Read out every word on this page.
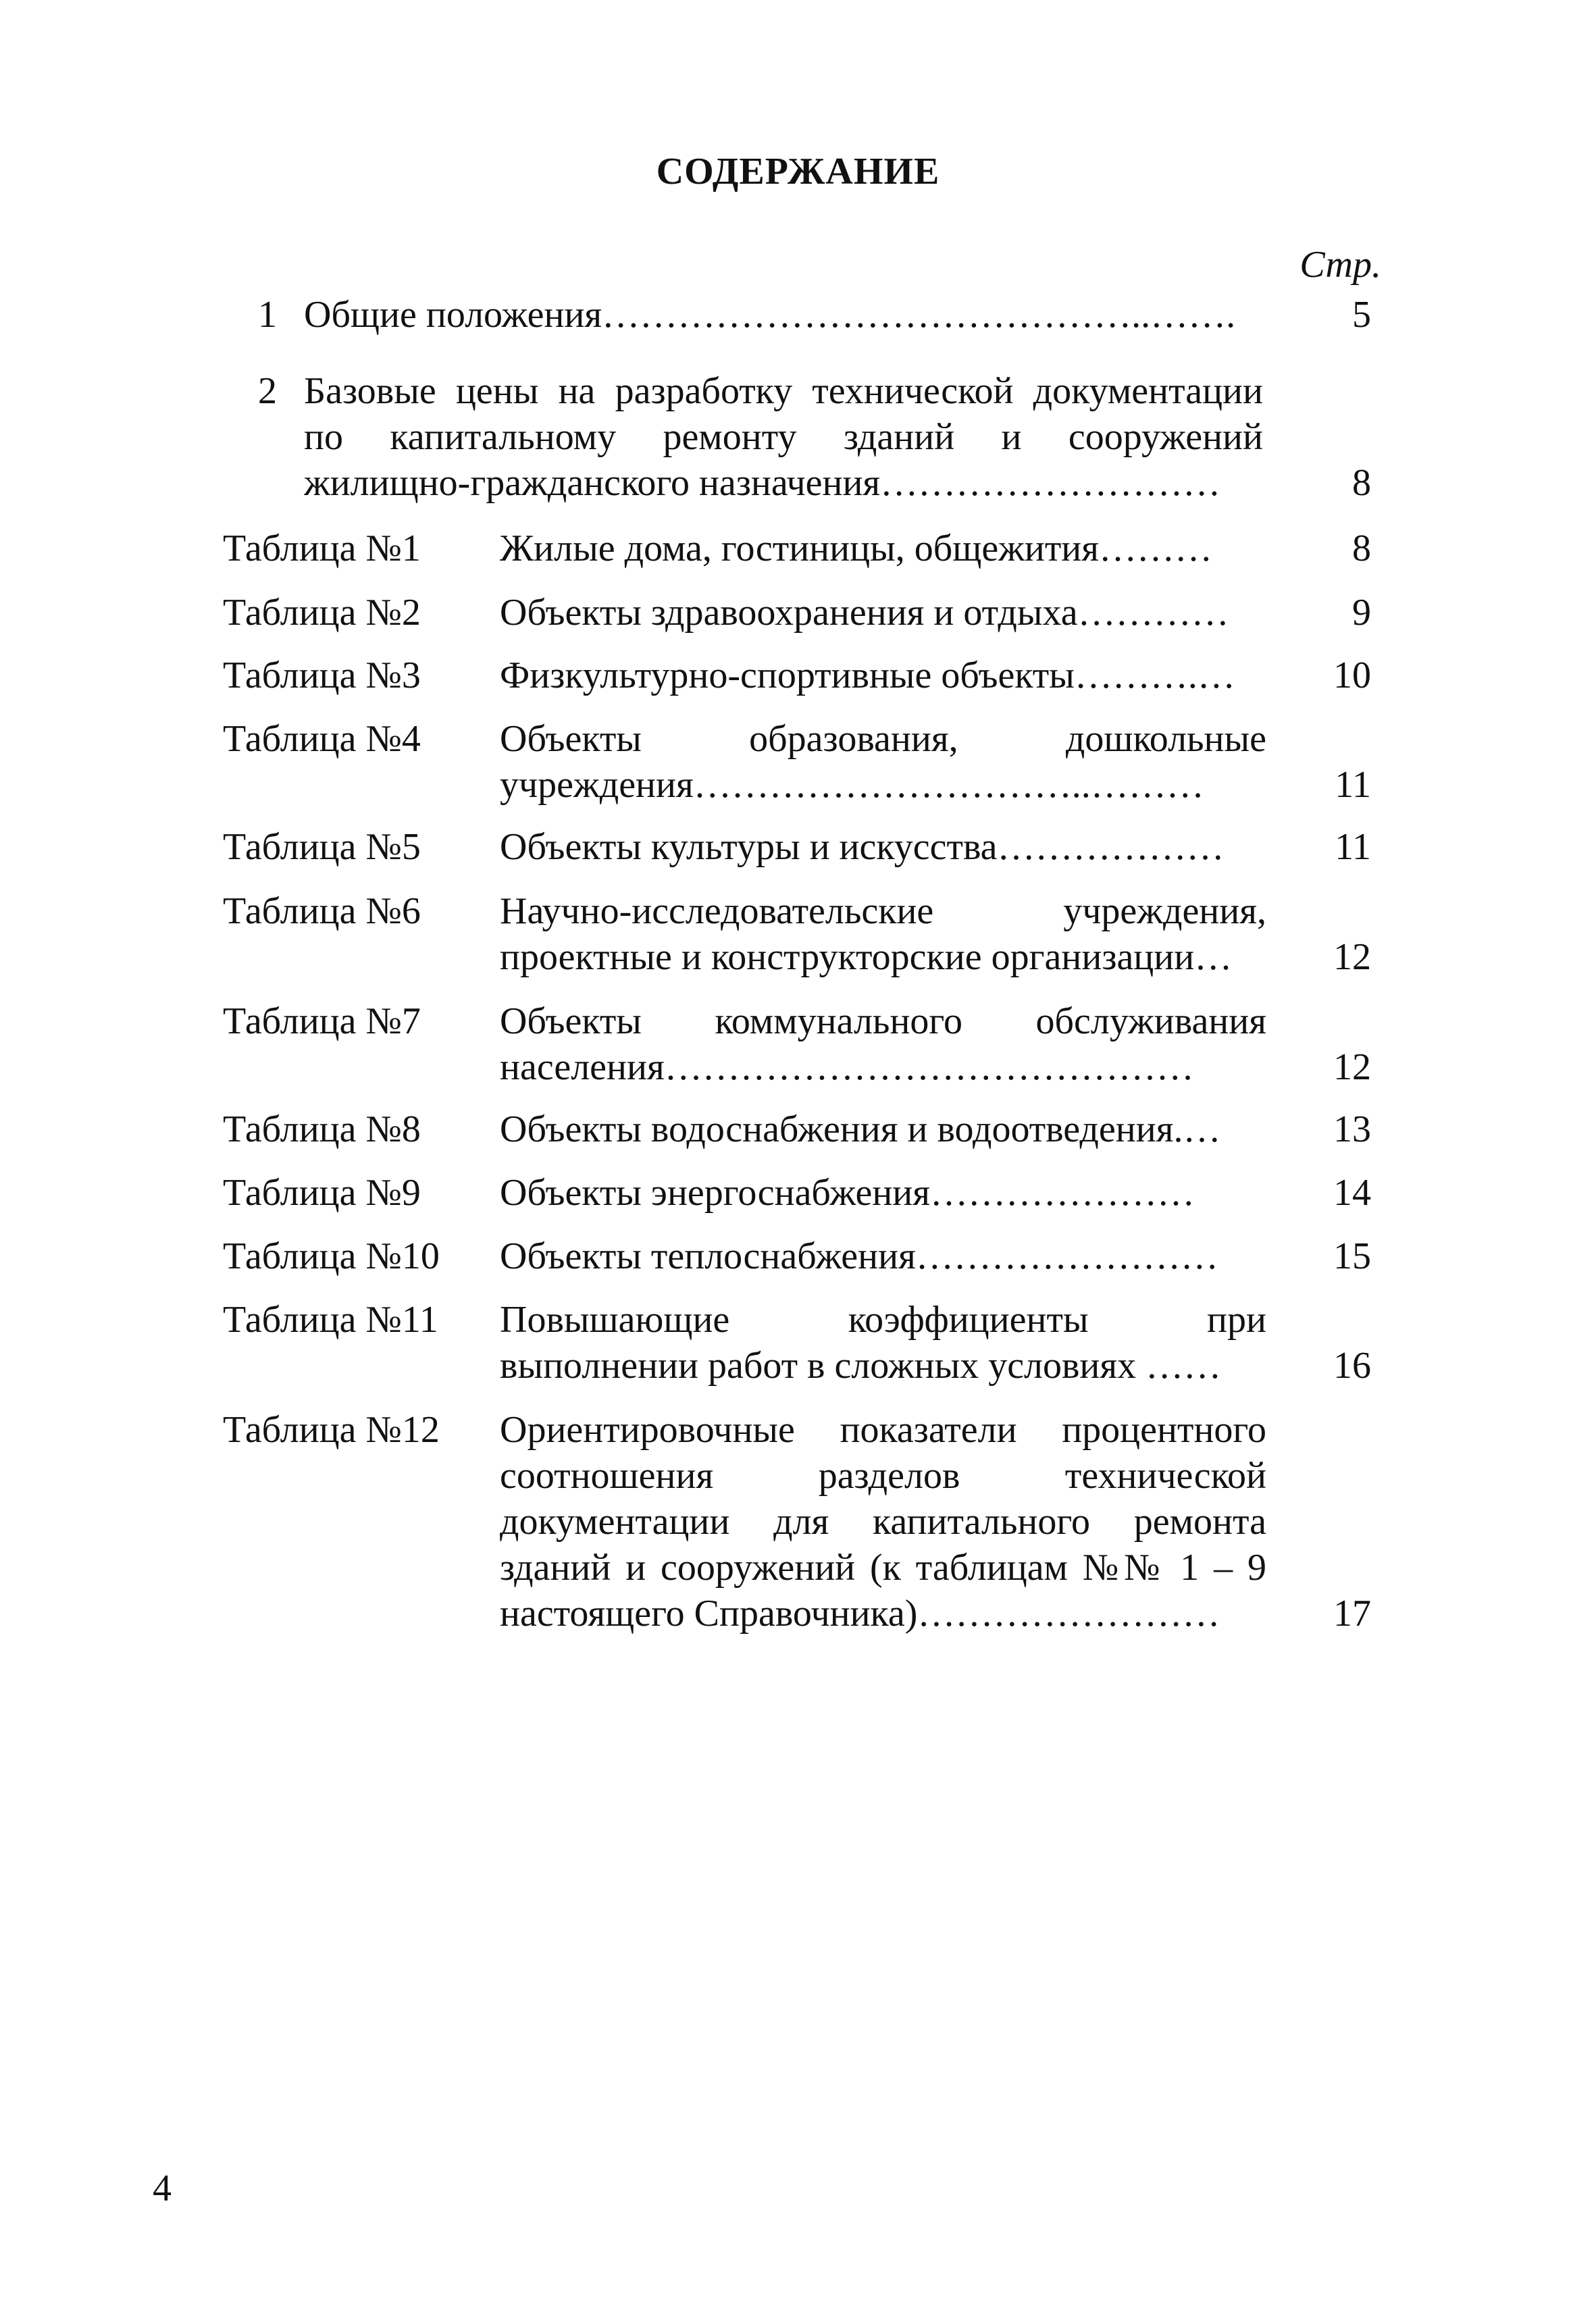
СОДЕРЖАНИЕ
Стр.
1 Общие положения……………………………………..…….	5
2 Базовые цены на разработку технической документации
по капитальному ремонту зданий и сооружений
жилищно-гражданского назначения………………………	8
Таблица №1	Жилые дома, гостиницы, общежития………	8
Таблица №2	Объекты здравоохранения и отдыха…………	9
Таблица №3	Физкультурно-спортивные объекты……….…	10
Таблица №4	Объекты образования, дошкольные
учреждения…………………………..………	11
Таблица №5	Объекты культуры и искусства………………	11
Таблица №6	Научно-исследовательские учреждения,
проектные и конструкторские организации…	12
Таблица №7	Объекты коммунального обслуживания
населения……………………………………	12
Таблица №8	Объекты водоснабжения и водоотведения.…	13
Таблица №9	Объекты энергоснабжения…………………	14
Таблица №10	Объекты теплоснабжения……………………	15
Таблица №11	Повышающие коэффициенты при
выполнении работ в сложных условиях ……	16
Таблица №12	Ориентировочные показатели процентного
соотношения разделов технической
документации для капитального ремонта
зданий и сооружений (к таблицам №№ 1 – 9
настоящего Справочника)……………………	17
4
